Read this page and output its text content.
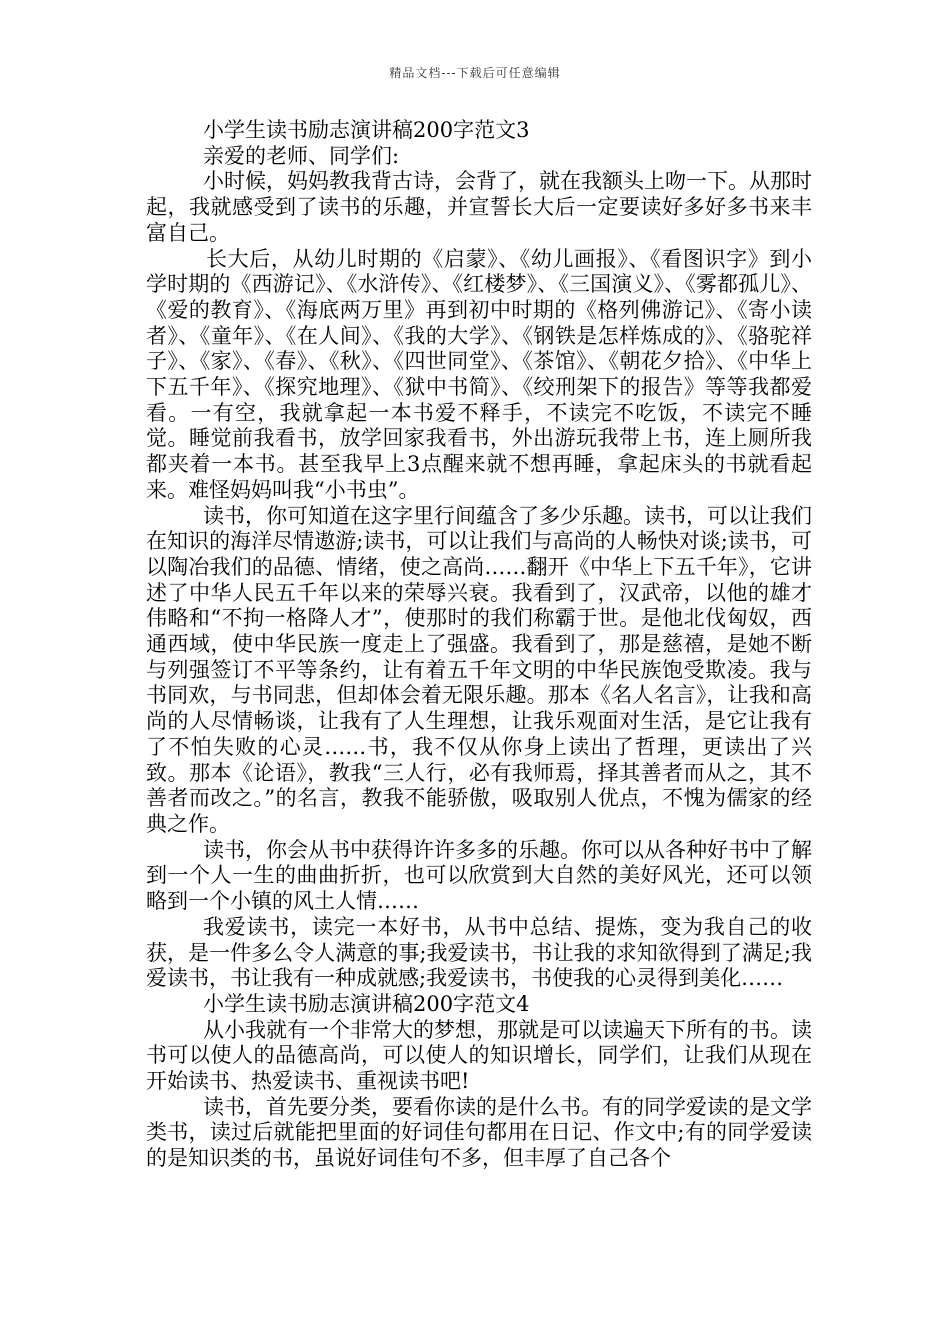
精品文档---下载后可任意编辑

小学生读书励志演讲稿200字范文3

亲爱的老师、同学们:

小时候，妈妈教我背古诗，会背了，就在我额头上吻一下。从那时起，我就感受到了读书的乐趣，并宣誓长大后一定要读好多好多书来丰富自己。

长大后，从幼儿时期的《启蒙》、《幼儿画报》、《看图识字》到小学时期的《西游记》、《水浒传》、《红楼梦》、《三国演义》、《雾都孤儿》、《爱的教育》、《海底两万里》再到初中时期的《格列佛游记》、《寄小读者》、《童年》、《在人间》、《我的大学》、《钢铁是怎样炼成的》、《骆驼祥子》、《家》、《春》、《秋》、《四世同堂》、《茶馆》、《朝花夕拾》、《中华上下五千年》、《探究地理》、《狱中书简》、《绞刑架下的报告》等等我都爱看。一有空，我就拿起一本书爱不释手，不读完不吃饭，不读完不睡觉。睡觉前我看书，放学回家我看书，外出游玩我带上书，连上厕所我都夹着一本书。甚至我早上3点醒来就不想再睡，拿起床头的书就看起来。难怪妈妈叫我“小书虫”。

读书，你可知道在这字里行间蕴含了多少乐趣。读书，可以让我们在知识的海洋尽情遨游;读书，可以让我们与高尚的人畅快对谈;读书，可以陶冶我们的品德、情绪，使之高尚……翻开《中华上下五千年》，它讲述了中华人民五千年以来的荣辱兴衰。我看到了，汉武帝，以他的雄才伟略和“不拘一格降人才”，使那时的我们称霸于世。是他北伐匈奴，西通西域，使中华民族一度走上了强盛。我看到了，那是慈禧，是她不断与列强签订不平等条约，让有着五千年文明的中华民族饱受欺凌。我与书同欢，与书同悲，但却体会着无限乐趣。那本《名人名言》，让我和高尚的人尽情畅谈，让我有了人生理想，让我乐观面对生活，是它让我有了不怕失败的心灵……书，我不仅从你身上读出了哲理，更读出了兴致。那本《论语》，教我“三人行，必有我师焉，择其善者而从之，其不善者而改之。”的名言，教我不能骄傲，吸取别人优点，不愧为儒家的经典之作。

读书，你会从书中获得许许多多的乐趣。你可以从各种好书中了解到一个人一生的曲曲折折，也可以欣赏到大自然的美好风光，还可以领略到一个小镇的风土人情……

我爱读书，读完一本好书，从书中总结、提炼，变为我自己的收获，是一件多么令人满意的事;我爱读书，书让我的求知欲得到了满足;我爱读书，书让我有一种成就感;我爱读书，书使我的心灵得到美化……

小学生读书励志演讲稿200字范文4

从小我就有一个非常大的梦想，那就是可以读遍天下所有的书。读书可以使人的品德高尚，可以使人的知识增长，同学们，让我们从现在开始读书、热爱读书、重视读书吧!

读书，首先要分类，要看你读的是什么书。有的同学爱读的是文学类书，读过后就能把里面的好词佳句都用在日记、作文中;有的同学爱读的是知识类的书，虽说好词佳句不多，但丰厚了自己各个
